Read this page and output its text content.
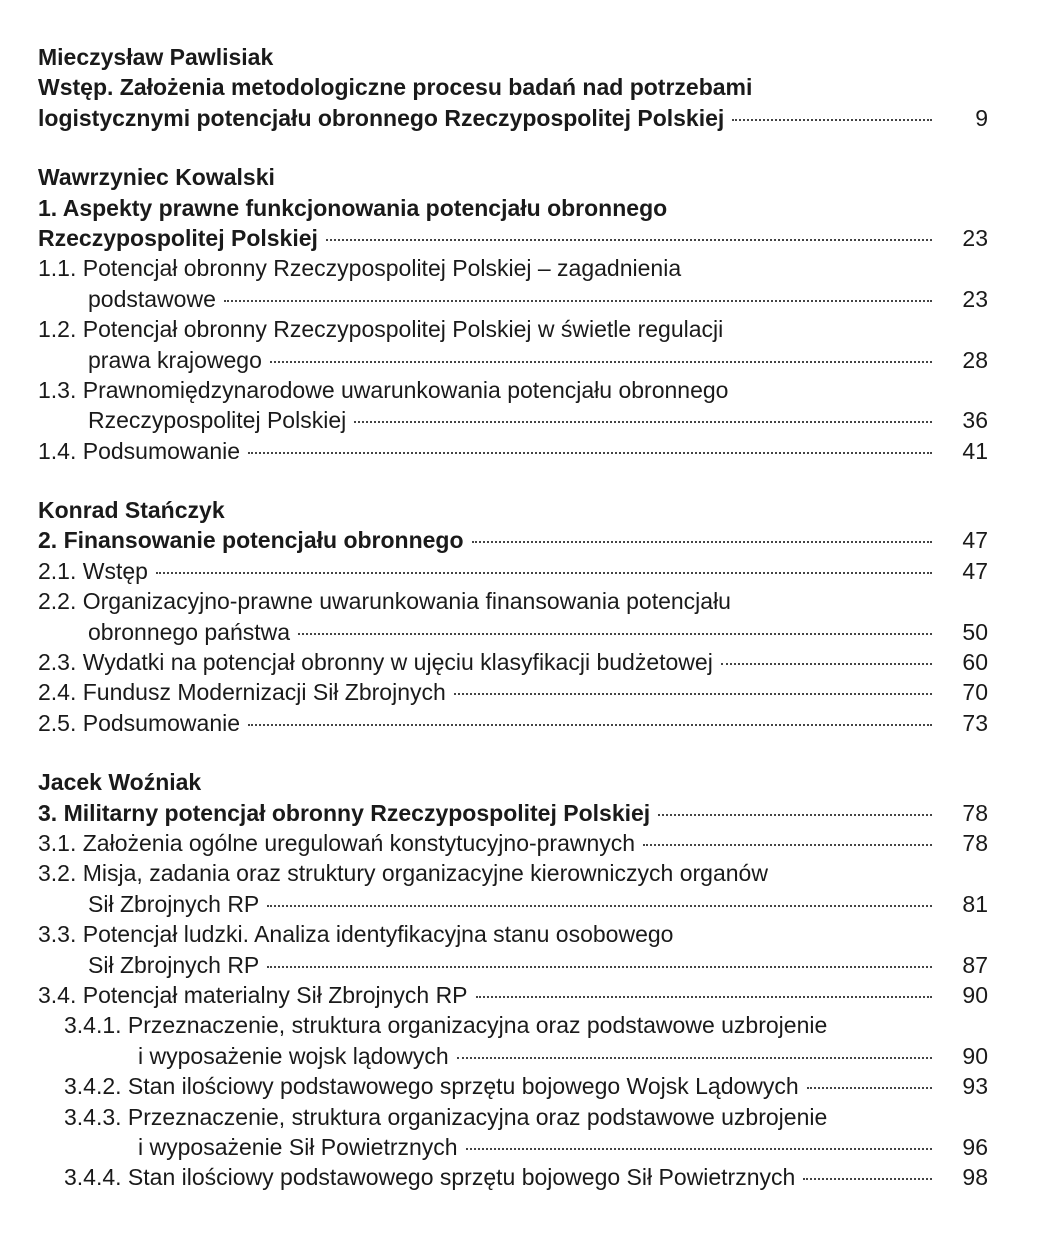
Mieczysław Pawlisiak
Wstęp. Założenia metodologiczne procesu badań nad potrzebami
logistycznymi potencjału obronnego Rzeczypospolitej Polskiej	9
Wawrzyniec Kowalski
1. Aspekty prawne funkcjonowania potencjału obronnego
Rzeczypospolitej Polskiej	23
1.1. Potencjał obronny Rzeczypospolitej Polskiej – zagadnienia
podstawowe	23
1.2. Potencjał obronny Rzeczypospolitej Polskiej w świetle regulacji
prawa krajowego	28
1.3. Prawnomiędzynarodowe uwarunkowania potencjału obronnego
Rzeczypospolitej Polskiej	36
1.4. Podsumowanie	41
Konrad Stańczyk
2. Finansowanie potencjału obronnego	47
2.1. Wstęp	47
2.2. Organizacyjno-prawne uwarunkowania finansowania potencjału
obronnego państwa	50
2.3. Wydatki na potencjał obronny w ujęciu klasyfikacji budżetowej	60
2.4. Fundusz Modernizacji Sił Zbrojnych	70
2.5. Podsumowanie	73
Jacek Woźniak
3. Militarny potencjał obronny Rzeczypospolitej Polskiej	78
3.1. Założenia ogólne uregulowań konstytucyjno-prawnych	78
3.2. Misja, zadania oraz struktury organizacyjne kierowniczych organów
Sił Zbrojnych RP	81
3.3. Potencjał ludzki. Analiza identyfikacyjna stanu osobowego
Sił Zbrojnych RP	87
3.4. Potencjał materialny Sił Zbrojnych RP	90
3.4.1. Przeznaczenie, struktura organizacyjna oraz podstawowe uzbrojenie
i wyposażenie wojsk lądowych	90
3.4.2. Stan ilościowy podstawowego sprzętu bojowego Wojsk Lądowych	93
3.4.3. Przeznaczenie, struktura organizacyjna oraz podstawowe uzbrojenie
i wyposażenie Sił Powietrznych	96
3.4.4. Stan ilościowy podstawowego sprzętu bojowego Sił Powietrznych	98
